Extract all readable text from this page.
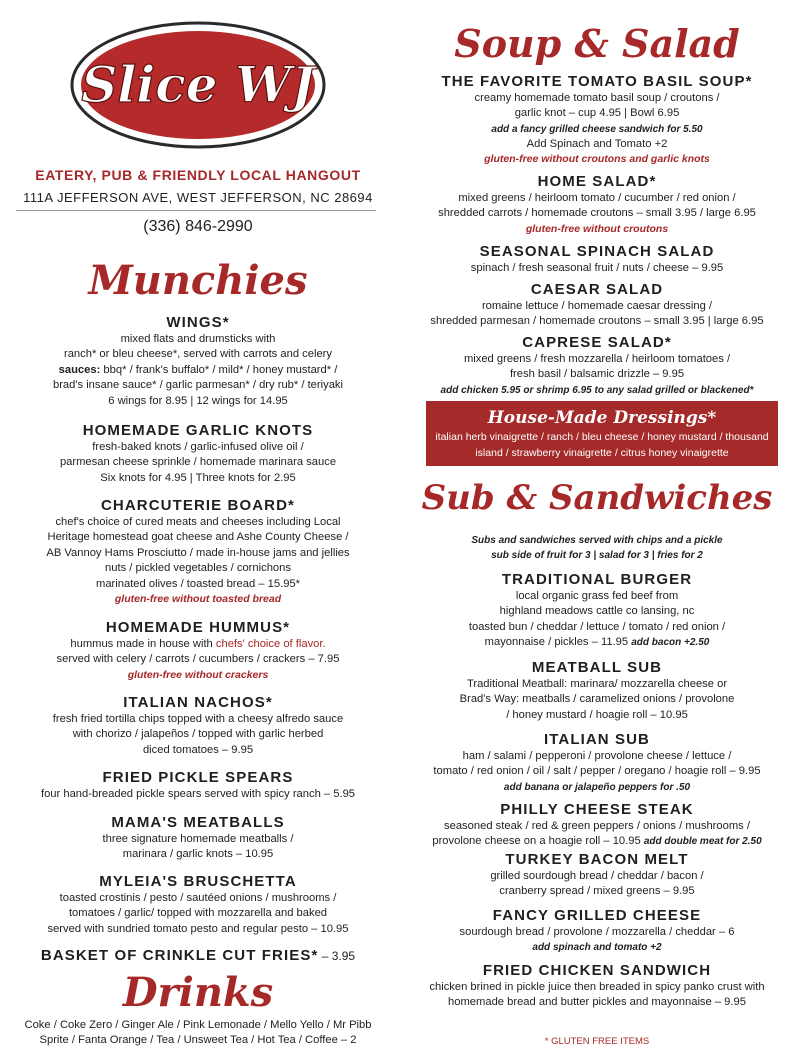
Slice WJ
EATERY, PUB & FRIENDLY LOCAL HANGOUT
111A JEFFERSON AVE, WEST JEFFERSON, NC 28694
(336) 846-2990
Munchies
WINGS*
mixed flats and drumsticks with
ranch* or bleu cheese*, served with carrots and celery
sauces: bbq* / frank's buffalo* / mild* / honey mustard* /
brad's insane sauce* / garlic parmesan* / dry rub* / teriyaki
6 wings for 8.95 | 12 wings for 14.95
HOMEMADE GARLIC KNOTS
fresh-baked knots / garlic-infused olive oil /
parmesan cheese sprinkle / homemade marinara sauce
Six knots for 4.95 | Three knots for 2.95
CHARCUTERIE BOARD*
chef's choice of cured meats and cheeses including Local
Heritage homestead goat cheese and Ashe County Cheese /
AB Vannoy Hams Prosciutto / made in-house jams and jellies
nuts / pickled vegetables / cornichons
marinated olives / toasted bread – 15.95*
gluten-free without toasted bread
HOMEMADE HUMMUS*
hummus made in house with chefs' choice of flavor.
served with celery / carrots / cucumbers / crackers – 7.95
gluten-free without crackers
ITALIAN NACHOS*
fresh fried tortilla chips topped with a cheesy alfredo sauce
with chorizo / jalapeños / topped with garlic herbed
diced tomatoes – 9.95
FRIED PICKLE SPEARS
four hand-breaded pickle spears served with spicy ranch – 5.95
MAMA'S MEATBALLS
three signature homemade meatballs /
marinara / garlic knots – 10.95
MYLEIA'S BRUSCHETTA
toasted crostinis / pesto / sautéed onions / mushrooms /
tomatoes / garlic/ topped with mozzarella and baked
served with sundried tomato pesto and regular pesto – 10.95
BASKET OF CRINKLE CUT FRIES* – 3.95
Drinks
Coke / Coke Zero / Ginger Ale / Pink Lemonade / Mello Yello / Mr Pibb
Sprite / Fanta Orange / Tea / Unsweet Tea / Hot Tea / Coffee – 2
Soup & Salad
THE FAVORITE TOMATO BASIL SOUP*
creamy homemade tomato basil soup / croutons /
garlic knot – cup 4.95 | Bowl 6.95
add a fancy grilled cheese sandwich for 5.50
Add Spinach and Tomato +2
gluten-free without croutons and garlic knots
HOME SALAD*
mixed greens / heirloom tomato / cucumber / red onion /
shredded carrots / homemade croutons – small 3.95 / large 6.95
gluten-free without croutons
SEASONAL SPINACH SALAD
spinach / fresh seasonal fruit / nuts / cheese – 9.95
CAESAR SALAD
romaine lettuce / homemade caesar dressing /
shredded parmesan / homemade croutons – small 3.95 | large 6.95
CAPRESE SALAD*
mixed greens / fresh mozzarella / heirloom tomatoes /
fresh basil / balsamic drizzle – 9.95
add chicken 5.95 or shrimp 6.95 to any salad grilled or blackened*
Sub & Sandwiches
Subs and sandwiches served with chips and a pickle
sub side of fruit for 3 | salad for 3 | fries for 2
TRADITIONAL BURGER
local organic grass fed beef from
highland meadows cattle co lansing, nc
toasted bun / cheddar / lettuce / tomato / red onion /
mayonnaise / pickles – 11.95 add bacon +2.50
MEATBALL SUB
Traditional Meatball: marinara/ mozzarella cheese or
Brad's Way: meatballs / caramelized onions / provolone
/ honey mustard / hoagie roll – 10.95
ITALIAN SUB
ham / salami / pepperoni / provolone cheese / lettuce /
tomato / red onion / oil / salt / pepper / oregano / hoagie roll – 9.95
add banana or jalapeño peppers for .50
PHILLY CHEESE STEAK
seasoned steak / red & green peppers / onions / mushrooms /
provolone cheese on a hoagie roll – 10.95 add double meat for 2.50
TURKEY BACON MELT
grilled sourdough bread / cheddar / bacon /
cranberry spread / mixed greens – 9.95
FANCY GRILLED CHEESE
sourdough bread / provolone / mozzarella / cheddar – 6
add spinach and tomato +2
FRIED CHICKEN SANDWICH
chicken brined in pickle juice then breaded in spicy panko crust with
homemade bread and butter pickles and mayonnaise – 9.95
House-Made Dressings*
italian herb vinaigrette / ranch / bleu cheese / honey mustard / thousand
island / strawberry vinaigrette / citrus honey vinaigrette
* GLUTEN FREE ITEMS
